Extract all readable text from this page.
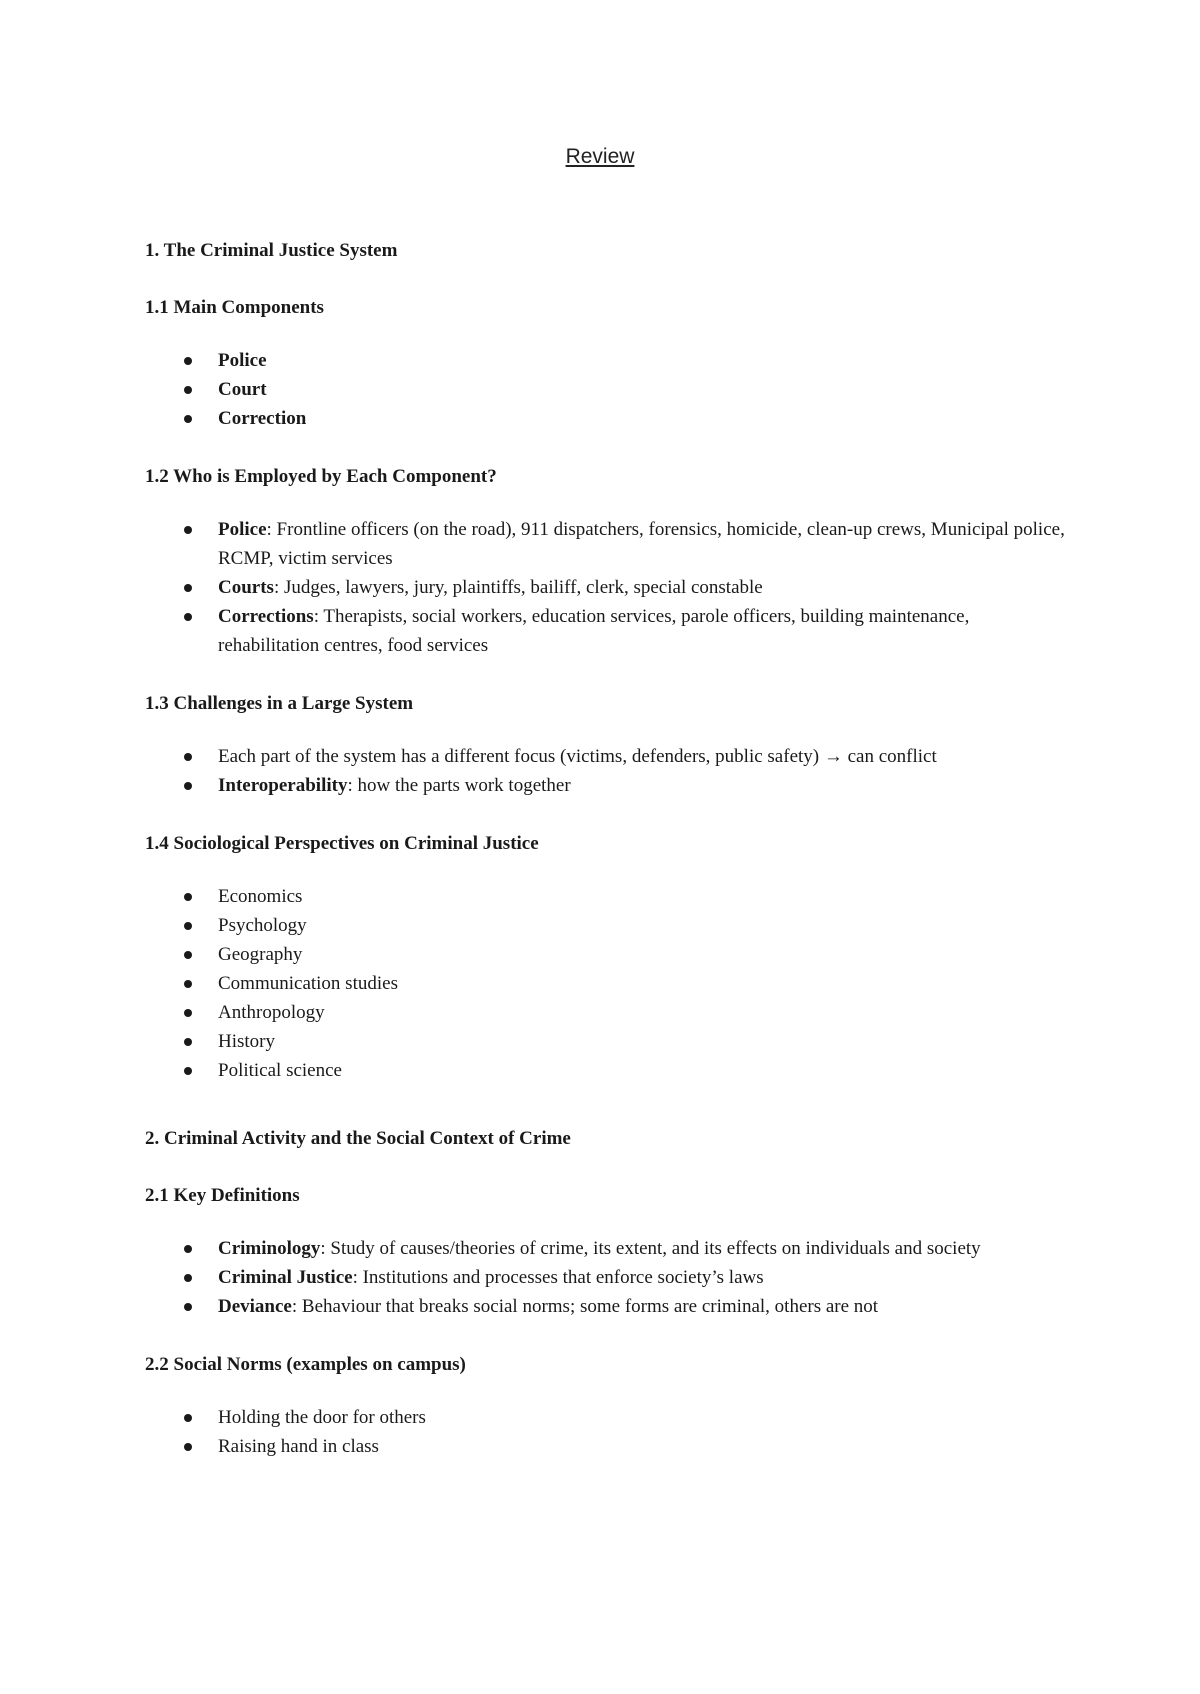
Review

1. The Criminal Justice System

1.1 Main Components

Police
Court
Correction

1.2 Who is Employed by Each Component?

Police: Frontline officers (on the road), 911 dispatchers, forensics, homicide, clean-up crews, Municipal police, RCMP, victim services
Courts: Judges, lawyers, jury, plaintiffs, bailiff, clerk, special constable
Corrections: Therapists, social workers, education services, parole officers, building maintenance, rehabilitation centres, food services

1.3 Challenges in a Large System

Each part of the system has a different focus (victims, defenders, public safety) → can conflict
Interoperability: how the parts work together

1.4 Sociological Perspectives on Criminal Justice

Economics
Psychology
Geography
Communication studies
Anthropology
History
Political science

2. Criminal Activity and the Social Context of Crime

2.1 Key Definitions

Criminology: Study of causes/theories of crime, its extent, and its effects on individuals and society
Criminal Justice: Institutions and processes that enforce society’s laws
Deviance: Behaviour that breaks social norms; some forms are criminal, others are not

2.2 Social Norms (examples on campus)

Holding the door for others
Raising hand in class
